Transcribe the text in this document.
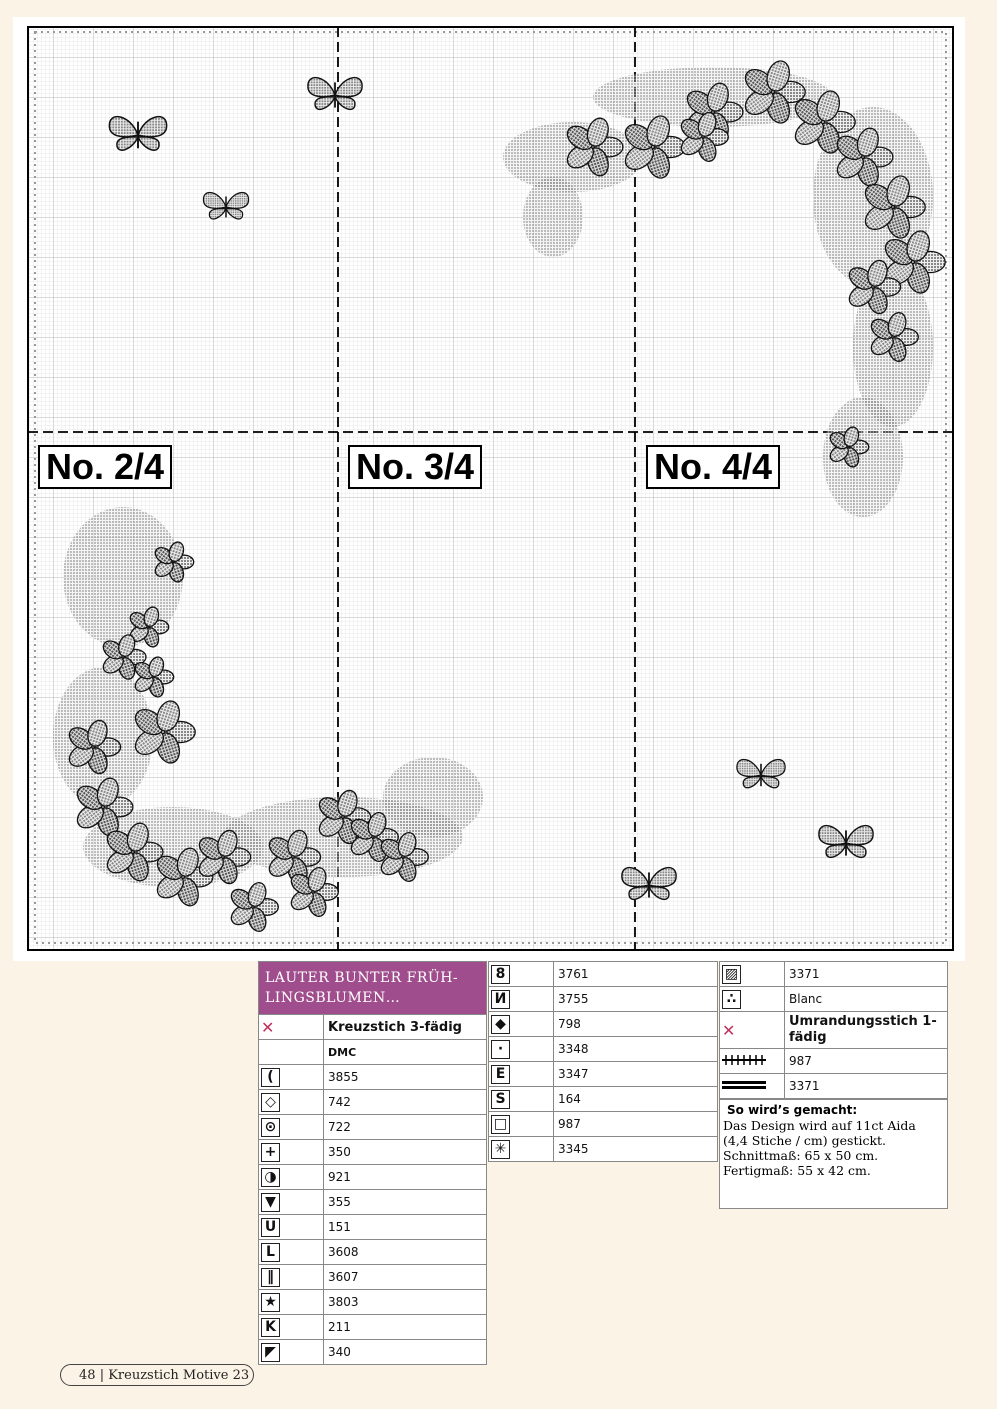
No. 2/4	No. 3/4	No. 4/4
LAUTER BUNTER FRÜH-LINGSBLUMEN…	
✕	Kreuzstich 3-fädig
	DMC
(	3855
◇	742
⊙	722
+	350
◑	921
▼	355
U	151
L	3608
‖	3607
★	3803
K	211
◤	340
8	3761
И	3755
◆	798
·	3348
E	3347
S	164
□	987
✳	3345
▨	3371
∴	Blanc
✕	Umrandungsstich 1-fädig
	987
	3371
So wird’s gemacht:
Das Design wird auf 11ct Aida (4,4 Stiche / cm) gestickt. Schnittmaß: 65 x 50 cm. Fertigmaß: 55 x 42 cm.
48 | Kreuzstich Motive 23
